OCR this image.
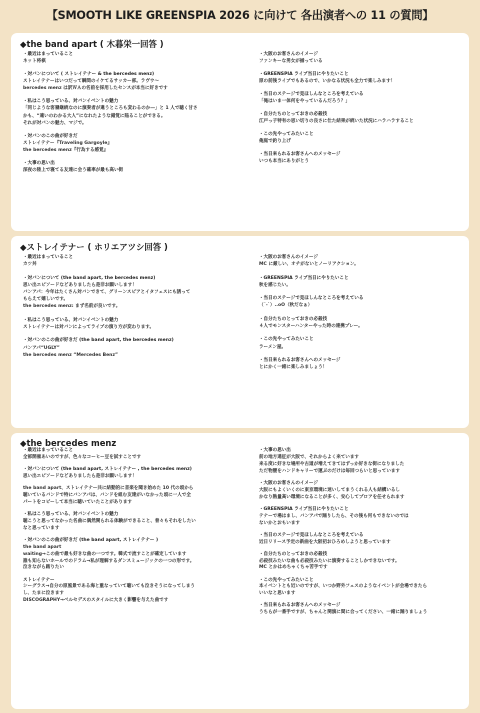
【SMOOTH LIKE GREENSPIA 2026 に向けて 各出演者への 11 の質問】
◆the band apart ( 木暮栄一回答 )
・最近はまっていること
ネット将棋
・対バンについて ( ストレイテナー & the bercedes menz)
ストレイテナーはいつだって瞬間のイケてるサッカー部。ラヴウ～
bercedes menz は訳ＷＡの名前を採用したセンスが本当に好きです
・私はこう思っている、対バンイベントの魅力
「同じような客層継続なのに演奏者が違うところも変わるのか―」と 1 人で聴く甘さ
かも、“違いのわかる大人”になれたような錯覚に陥ることができる。
それが対バンの魅力、マジで。
・対バンのこの曲が好きだ
ストレイテナー『Traveling Gargoyle』
the bercedes menz『行為する感覚』
・大事の思い出
深夜の陸上で寝てる友達に会う確率が最も高い街
・大阪のお客さんのイメージ
ファンキーな男女が揃っている
・GREENSPIA ライブ当日にやりたいこと
原の前後ライブでもあるので、いかなる状況も全力で楽しみます！
・当日のステージで見ほしんなところを考えている
「俺はいま一体何をやっているんだろう？」
・自分たちのとっておきの必殺技
江戸っ子特有の思い切りの良さに仕た結果が続いた状況にハラハラすること
・この先やってみたいこと
俺庭で釣り上げ
・当日来られるお客さんへのメッセージ
いつも本当にありがとう
◆ストレイテナー ( ホリエアツシ回答 )
・最近はまっていること
カツ丼
・対バンについて (the band apart, the bercedes menz)
思い出エピソードなどありましたら是非お願いします！
バンアパ：今年はたくさん対バンできて、グリーンスピアとイタフェスにも誘って
もらえて嬉しいです。
the bercedes menz: まず名前が良いです。
・私はこう思っている、対バンイベントの魅力
ストレイテナーは対バンによってライブの演り方が変わります。
・対バンのこの曲が好きだ (the band apart, the bercedes menz)
バンアパ“UGLY”
the bercedes menz “Mercedes Benz”
・大阪のお客さんのイメージ
MC に厳しい、オチがないとノーリアクション。
・GREENSPIA ライブ当日にやりたいこと
秋を感じたい。
・当日のステージで見ほしんなところを考えている
（´-`）..oO（秋だなぁ）
・自分たちのとっておきの必殺技
４人でモンスターハンターやった時の連携プレー。
・この先やってみたいこと
ラーメン屋。
・当日来られるお客さんへのメッセージ
とにかく一緒に楽しみましょう！
◆the bercedes menz
・最近はまっていること
全部開催あいのですが、色々なコーヒー豆を試すことです
・対バンについて (the band apart, ストレイテナー , the bercedes menz)
思い出エピソードなどありましたら是非お願いします！
the band apart、ストレイテナー共に結動的に音楽を聞き始めた 10 代の頃から
聴いているバンドで特にバンアパは、バンドを組む友達がいなかった頃に一人で全
パートをコピーして本当に聴いていたことがあります
・私はこう思っている、対バンイベントの魅力
聴こうと思ってなかった名曲に偶然関られる体験ができること、普々もそれをしたい
なと思っています
・対バンのこの曲が好きだ (the band apart, ストレイテナー )
the band apart
waiting→この曲で最も好きな曲の一つです。韓式で流すことが確定しています
誰も知らないホールでのドラム→私が理解するダンスミュージックの一つの形です。
泣きながら踏りたい
ストレイテナー
シーグラス→自分の原風景である海と重なっていて聴いても泣きそうになってしまう
し、たまに泣きます
DISCOGRAPHY→ベルセデスのスタイルに大きく影響を与えた曲です
・大事の思い出
前の地方遠征が大阪で、それからよく来ています
来る度に好きな場所や古道が増えてきてはずっか好きな街になりました
ただ物腰をハンドキャリーで運ぶのだけは毎回つらいと思っています
・大阪のお客さんのイメージ
大阪にもよくいくのに東京環境に迷いしてまうくれる人も結構いるし
かなり熱量高い環境になることが多く、安心してプロアを任せられます
・GREENSPIA ライブ当日にやりたいこと
テナーで場はまし、バンアパで踊りしたら、その後も何もできないのでは
ないかとおもいます
・当日のステージで見ほしんなところを考えている
近日リリース予定の新曲を大阪初おひろめしようと思っています
・自分たちのとっておきの必殺技
必殺技みたいな曲も必殺技みたいに演奏することしかできないです。
MC とかはめちゃくちゃ苦手です
・この先やってみたいこと
本イベントとも近いのですが、いつか野外フェスのようなイベントが会場できたら
いいなと思います
・当日来られるお客さんへのメッセージ
うちらが一番手ですが、ちゃんと関演に間に合ってください、一緒に踊りましょう
